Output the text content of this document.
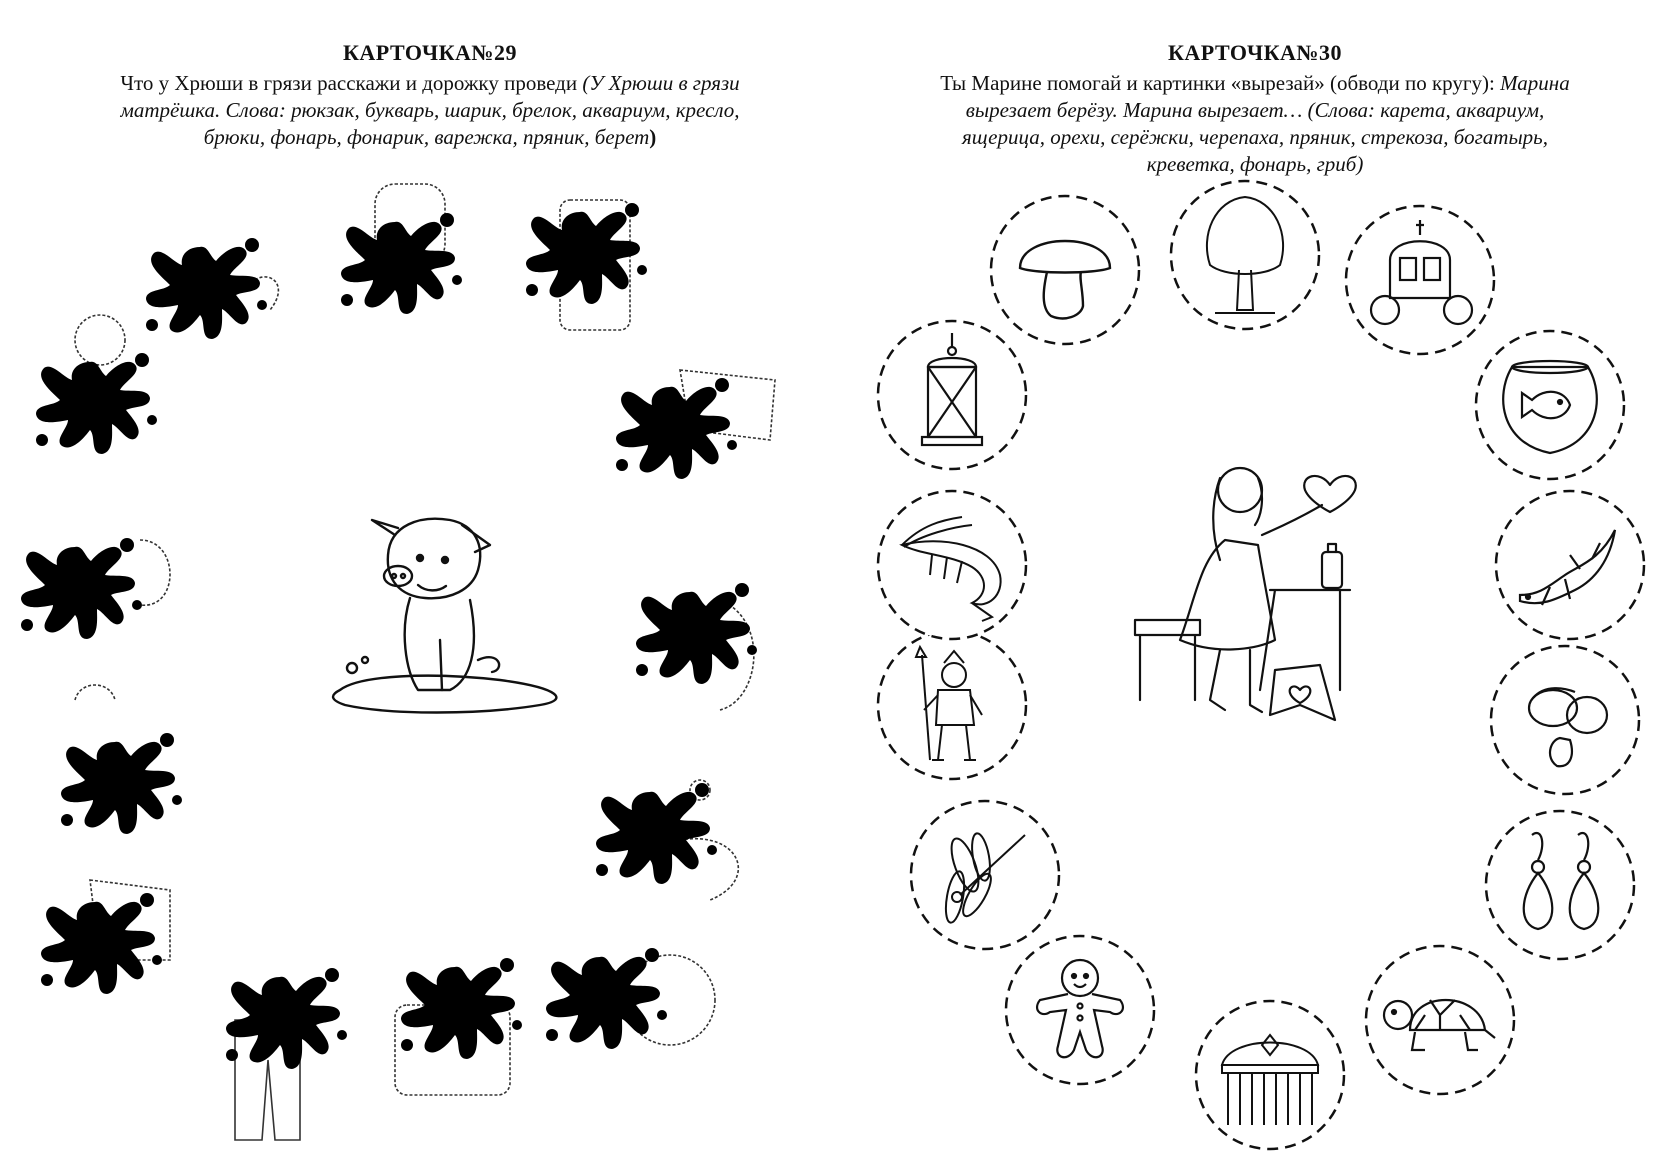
КАРТОЧКА№29

Что у Хрюши в грязи расскажи и дорожку проведи (У Хрюши в грязи

матрёшка. Слова: рюкзак, букварь, шарик, брелок, аквариум, кресло,

брюки, фонарь, фонарик, варежка, пряник, берет)

КАРТОЧКА№30

Ты Марине помогай и картинки «вырезай» (обводи по кругу): Марина

вырезает берёзу. Марина вырезает… (Слова: карета, аквариум,

ящерица, орехи, серёжки, черепаха, пряник, стрекоза, богатырь,

креветка, фонарь, гриб)
